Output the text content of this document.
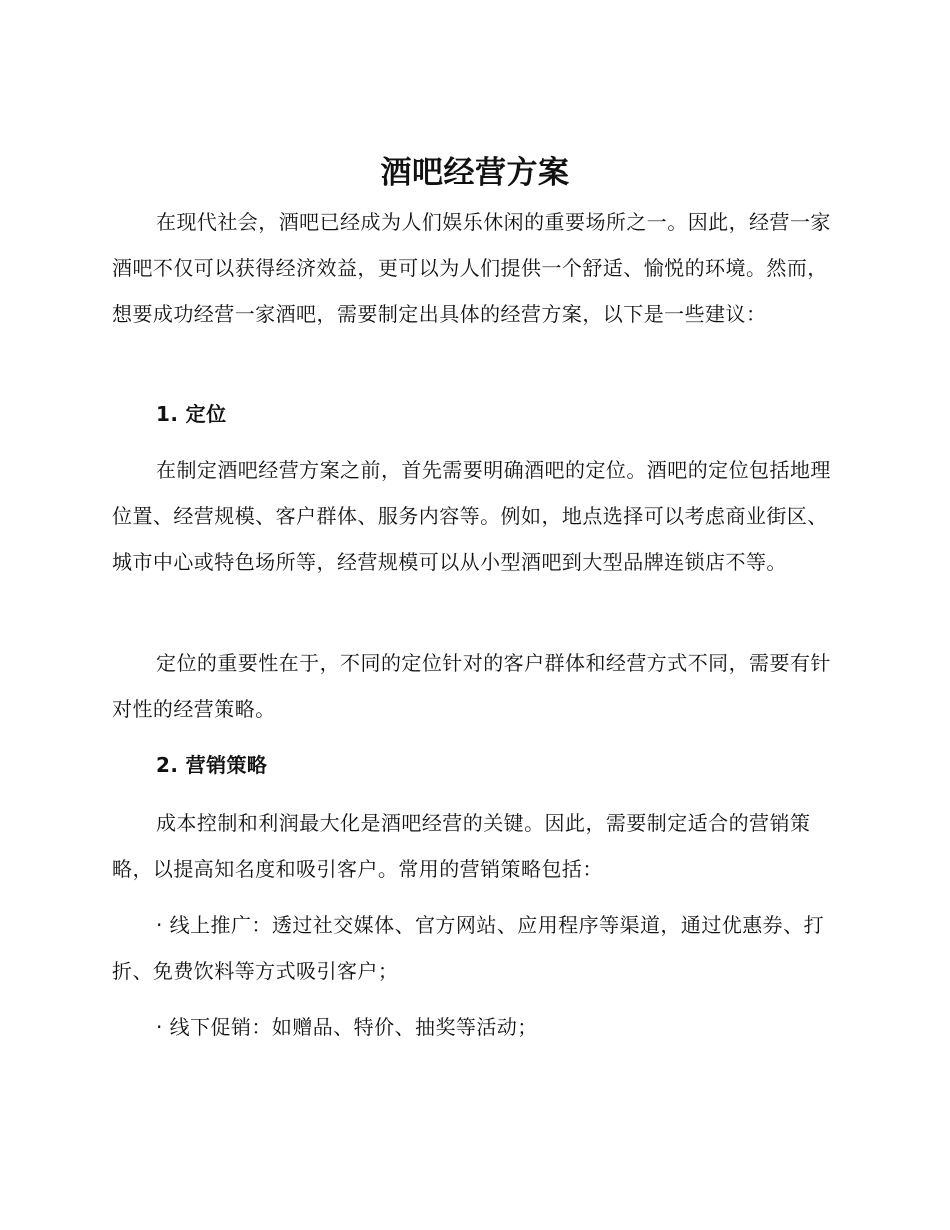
酒吧经营方案
在现代社会，酒吧已经成为人们娱乐休闲的重要场所之一。因此，经营一家酒吧不仅可以获得经济效益，更可以为人们提供一个舒适、愉悦的环境。然而，想要成功经营一家酒吧，需要制定出具体的经营方案，以下是一些建议：
1. 定位
在制定酒吧经营方案之前，首先需要明确酒吧的定位。酒吧的定位包括地理位置、经营规模、客户群体、服务内容等。例如，地点选择可以考虑商业街区、城市中心或特色场所等，经营规模可以从小型酒吧到大型品牌连锁店不等。
定位的重要性在于，不同的定位针对的客户群体和经营方式不同，需要有针对性的经营策略。
2. 营销策略
成本控制和利润最大化是酒吧经营的关键。因此，需要制定适合的营销策略，以提高知名度和吸引客户。常用的营销策略包括：
· 线上推广：透过社交媒体、官方网站、应用程序等渠道，通过优惠券、打折、免费饮料等方式吸引客户；
· 线下促销：如赠品、特价、抽奖等活动；
